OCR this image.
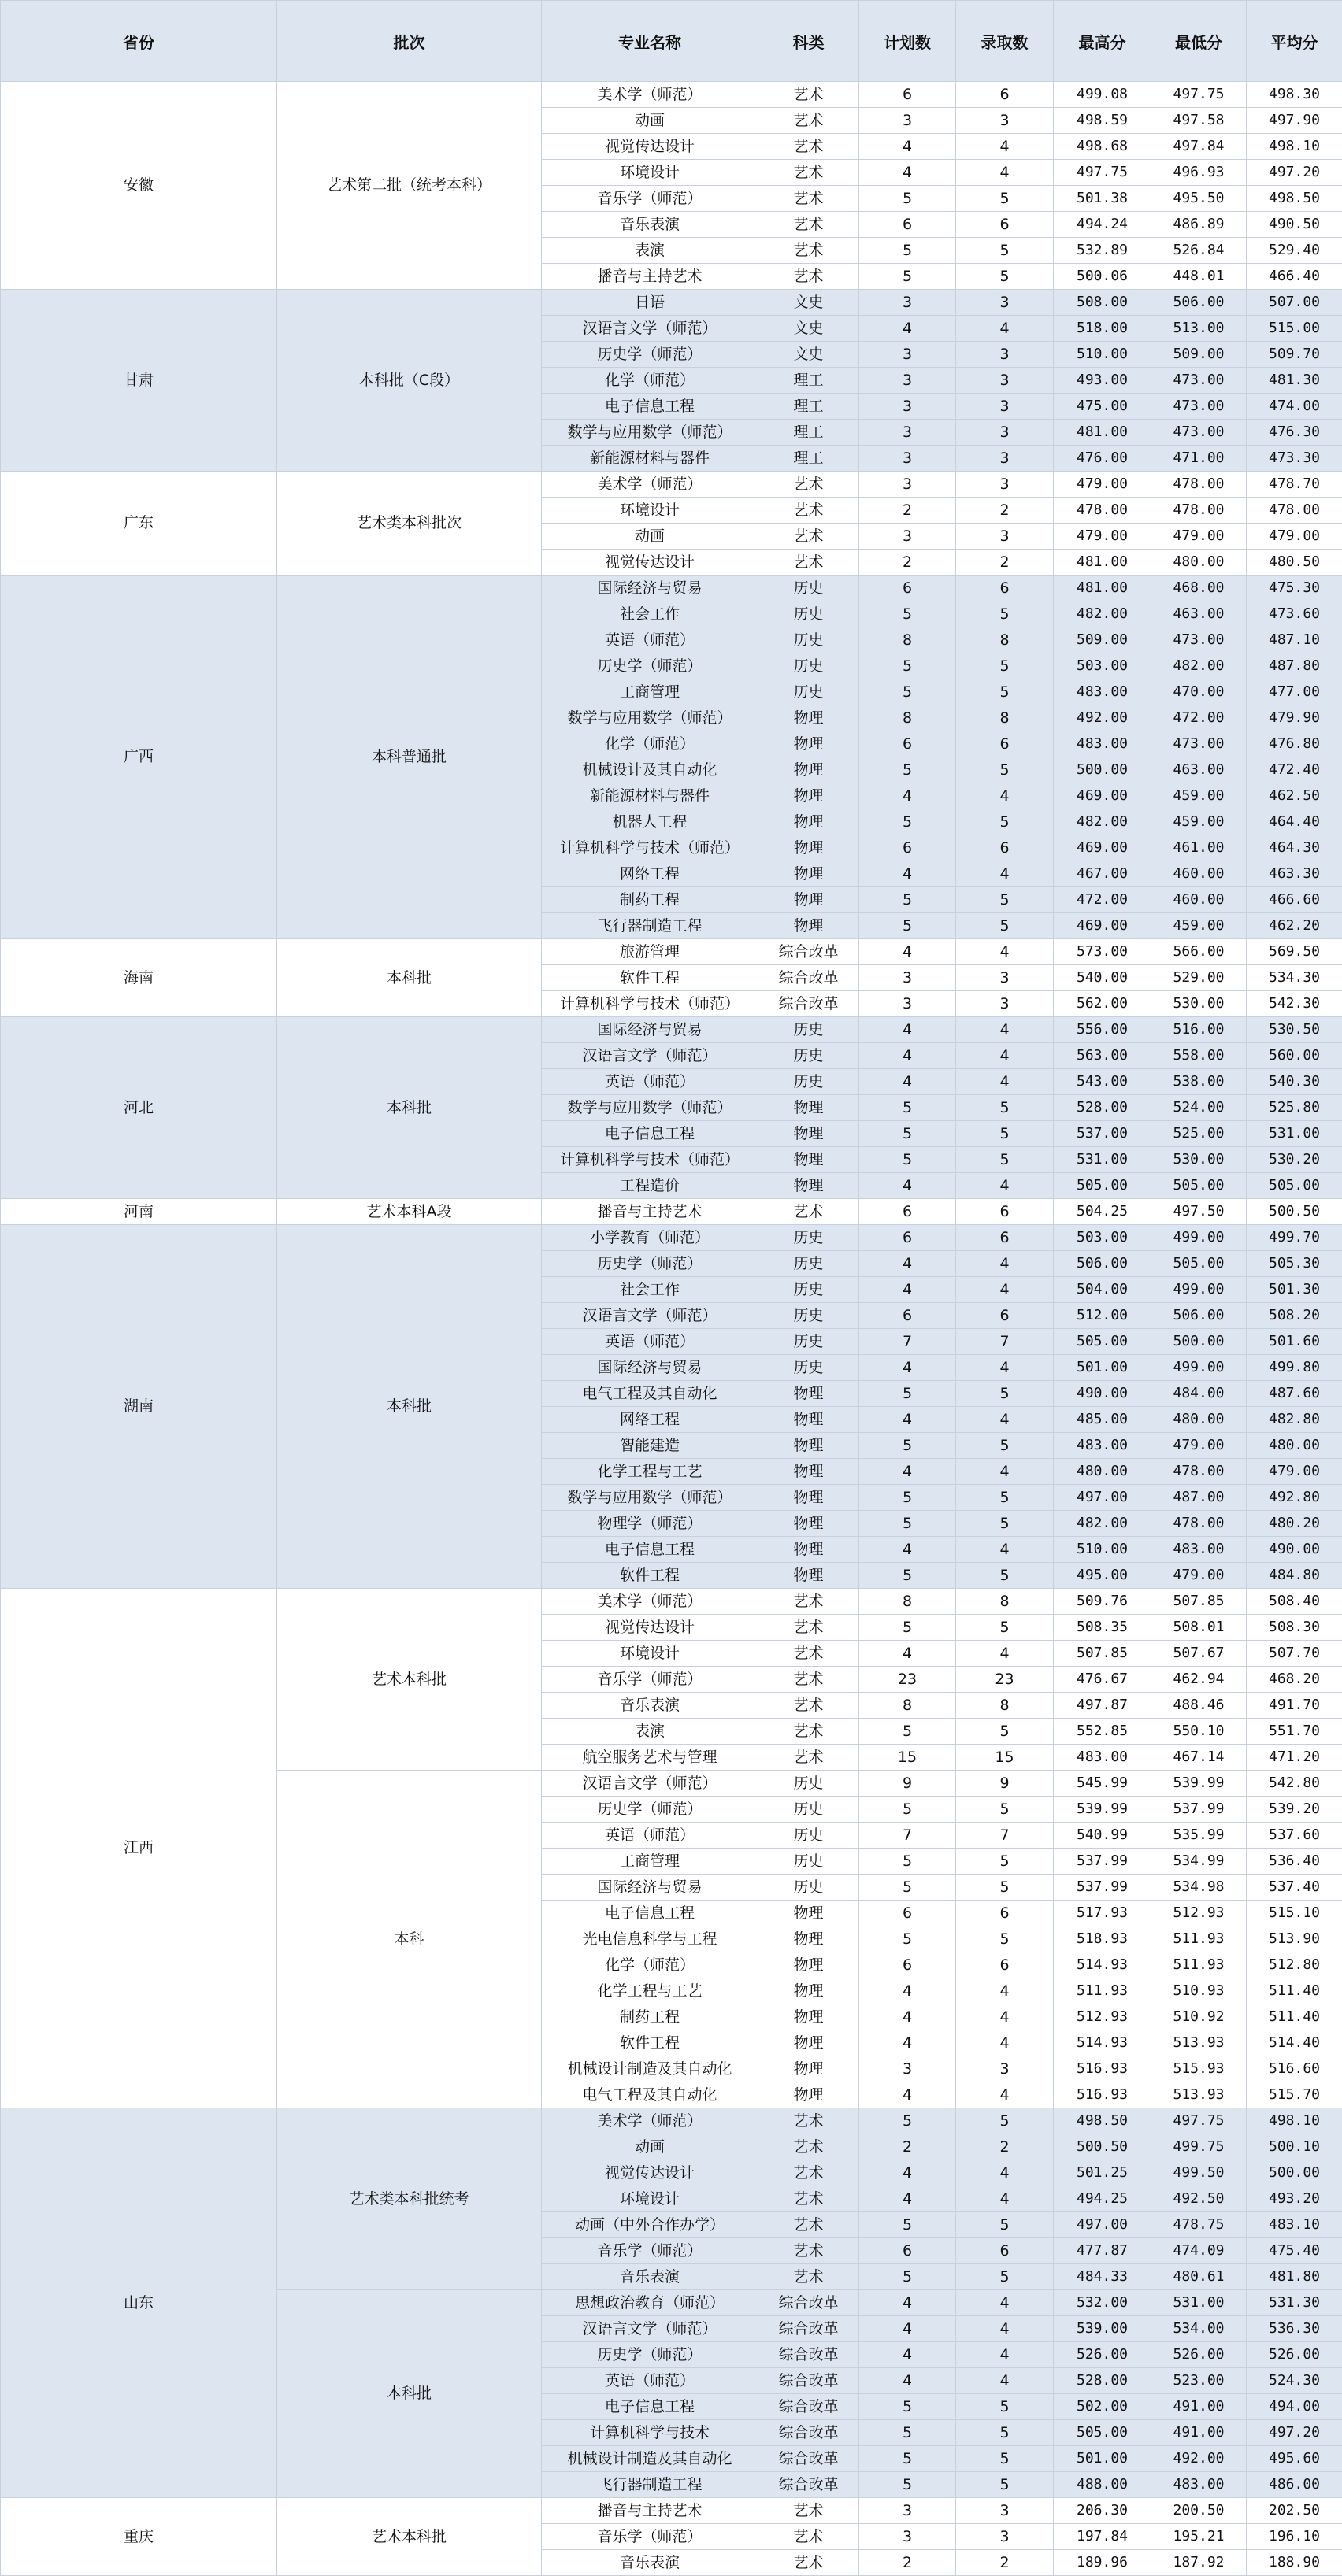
省份	批次	专业名称	科类	计划数	录取数	最高分	最低分	平均分
安徽	艺术第二批（统考本科）	美术学（师范）	艺术	6	6	499.08	497.75	498.30
		动画	艺术	3	3	498.59	497.58	497.90
		视觉传达设计	艺术	4	4	498.68	497.84	498.10
		环境设计	艺术	4	4	497.75	496.93	497.20
		音乐学（师范）	艺术	5	5	501.38	495.50	498.50
		音乐表演	艺术	6	6	494.24	486.89	490.50
		表演	艺术	5	5	532.89	526.84	529.40
		播音与主持艺术	艺术	5	5	500.06	448.01	466.40
甘肃	本科批（C段）	日语	文史	3	3	508.00	506.00	507.00
		汉语言文学（师范）	文史	4	4	518.00	513.00	515.00
		历史学（师范）	文史	3	3	510.00	509.00	509.70
		化学（师范）	理工	3	3	493.00	473.00	481.30
		电子信息工程	理工	3	3	475.00	473.00	474.00
		数学与应用数学（师范）	理工	3	3	481.00	473.00	476.30
		新能源材料与器件	理工	3	3	476.00	471.00	473.30
广东	艺术类本科批次	美术学（师范）	艺术	3	3	479.00	478.00	478.70
		环境设计	艺术	2	2	478.00	478.00	478.00
		动画	艺术	3	3	479.00	479.00	479.00
		视觉传达设计	艺术	2	2	481.00	480.00	480.50
广西	本科普通批	国际经济与贸易	历史	6	6	481.00	468.00	475.30
		社会工作	历史	5	5	482.00	463.00	473.60
		英语（师范）	历史	8	8	509.00	473.00	487.10
		历史学（师范）	历史	5	5	503.00	482.00	487.80
		工商管理	历史	5	5	483.00	470.00	477.00
		数学与应用数学（师范）	物理	8	8	492.00	472.00	479.90
		化学（师范）	物理	6	6	483.00	473.00	476.80
		机械设计及其自动化	物理	5	5	500.00	463.00	472.40
		新能源材料与器件	物理	4	4	469.00	459.00	462.50
		机器人工程	物理	5	5	482.00	459.00	464.40
		计算机科学与技术（师范）	物理	6	6	469.00	461.00	464.30
		网络工程	物理	4	4	467.00	460.00	463.30
		制药工程	物理	5	5	472.00	460.00	466.60
		飞行器制造工程	物理	5	5	469.00	459.00	462.20
海南	本科批	旅游管理	综合改革	4	4	573.00	566.00	569.50
		软件工程	综合改革	3	3	540.00	529.00	534.30
		计算机科学与技术（师范）	综合改革	3	3	562.00	530.00	542.30
河北	本科批	国际经济与贸易	历史	4	4	556.00	516.00	530.50
		汉语言文学（师范）	历史	4	4	563.00	558.00	560.00
		英语（师范）	历史	4	4	543.00	538.00	540.30
		数学与应用数学（师范）	物理	5	5	528.00	524.00	525.80
		电子信息工程	物理	5	5	537.00	525.00	531.00
		计算机科学与技术（师范）	物理	5	5	531.00	530.00	530.20
		工程造价	物理	4	4	505.00	505.00	505.00
河南	艺术本科A段	播音与主持艺术	艺术	6	6	504.25	497.50	500.50
湖南	本科批	小学教育（师范）	历史	6	6	503.00	499.00	499.70
		历史学（师范）	历史	4	4	506.00	505.00	505.30
		社会工作	历史	4	4	504.00	499.00	501.30
		汉语言文学（师范）	历史	6	6	512.00	506.00	508.20
		英语（师范）	历史	7	7	505.00	500.00	501.60
		国际经济与贸易	历史	4	4	501.00	499.00	499.80
		电气工程及其自动化	物理	5	5	490.00	484.00	487.60
		网络工程	物理	4	4	485.00	480.00	482.80
		智能建造	物理	5	5	483.00	479.00	480.00
		化学工程与工艺	物理	4	4	480.00	478.00	479.00
		数学与应用数学（师范）	物理	5	5	497.00	487.00	492.80
		物理学（师范）	物理	5	5	482.00	478.00	480.20
		电子信息工程	物理	4	4	510.00	483.00	490.00
		软件工程	物理	5	5	495.00	479.00	484.80
江西	艺术本科批	美术学（师范）	艺术	8	8	509.76	507.85	508.40
		视觉传达设计	艺术	5	5	508.35	508.01	508.30
		环境设计	艺术	4	4	507.85	507.67	507.70
		音乐学（师范）	艺术	23	23	476.67	462.94	468.20
		音乐表演	艺术	8	8	497.87	488.46	491.70
		表演	艺术	5	5	552.85	550.10	551.70
		航空服务艺术与管理	艺术	15	15	483.00	467.14	471.20
	本科	汉语言文学（师范）	历史	9	9	545.99	539.99	542.80
		历史学（师范）	历史	5	5	539.99	537.99	539.20
		英语（师范）	历史	7	7	540.99	535.99	537.60
		工商管理	历史	5	5	537.99	534.99	536.40
		国际经济与贸易	历史	5	5	537.99	534.98	537.40
		电子信息工程	物理	6	6	517.93	512.93	515.10
		光电信息科学与工程	物理	5	5	518.93	511.93	513.90
		化学（师范）	物理	6	6	514.93	511.93	512.80
		化学工程与工艺	物理	4	4	511.93	510.93	511.40
		制药工程	物理	4	4	512.93	510.92	511.40
		软件工程	物理	4	4	514.93	513.93	514.40
		机械设计制造及其自动化	物理	3	3	516.93	515.93	516.60
		电气工程及其自动化	物理	4	4	516.93	513.93	515.70
山东	艺术类本科批统考	美术学（师范）	艺术	5	5	498.50	497.75	498.10
		动画	艺术	2	2	500.50	499.75	500.10
		视觉传达设计	艺术	4	4	501.25	499.50	500.00
		环境设计	艺术	4	4	494.25	492.50	493.20
		动画（中外合作办学）	艺术	5	5	497.00	478.75	483.10
		音乐学（师范）	艺术	6	6	477.87	474.09	475.40
		音乐表演	艺术	5	5	484.33	480.61	481.80
	本科批	思想政治教育（师范）	综合改革	4	4	532.00	531.00	531.30
		汉语言文学（师范）	综合改革	4	4	539.00	534.00	536.30
		历史学（师范）	综合改革	4	4	526.00	526.00	526.00
		英语（师范）	综合改革	4	4	528.00	523.00	524.30
		电子信息工程	综合改革	5	5	502.00	491.00	494.00
		计算机科学与技术	综合改革	5	5	505.00	491.00	497.20
		机械设计制造及其自动化	综合改革	5	5	501.00	492.00	495.60
		飞行器制造工程	综合改革	5	5	488.00	483.00	486.00
重庆	艺术本科批	播音与主持艺术	艺术	3	3	206.30	200.50	202.50
		音乐学（师范）	艺术	3	3	197.84	195.21	196.10
		音乐表演	艺术	2	2	189.96	187.92	188.90
